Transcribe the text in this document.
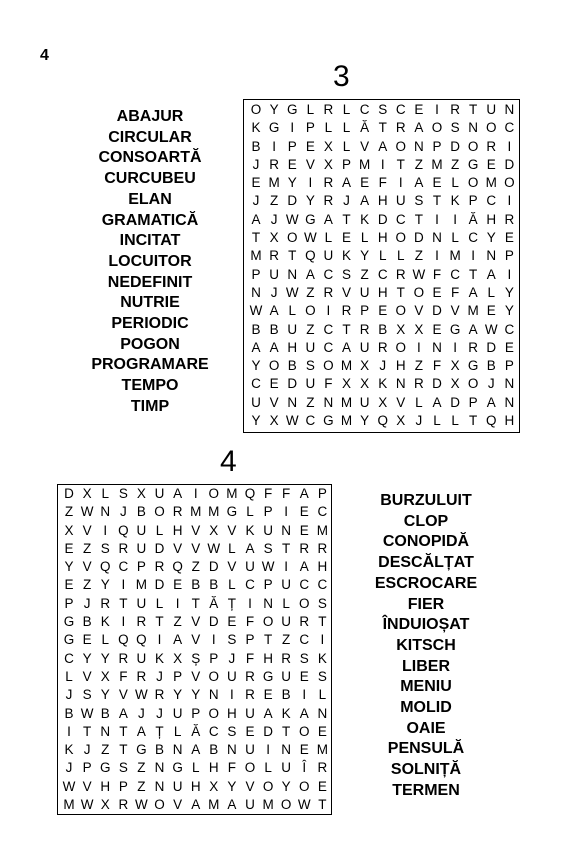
4
3
ABAJUR
CIRCULAR
CONSOARTĂ
CURCUBEU
ELAN
GRAMATICĂ
INCITAT
LOCUITOR
NEDEFINIT
NUTRIE
PERIODIC
POGON
PROGRAMARE
TEMPO
TIMP
O Y G L R L C S C E I R T U N
K G I P L L Ă T R A O S N O C
B I P E X L V A O N P D O R I
J R E V X P M I T Z M Z G E D
E M Y I R A E F I A E L O M O
J Z D Y R J A H U S T K P C I
A J W G A T K D C T I	I Ă H R
T X O W L E L H O D N L C Y E
M R T Q U K Y L L Z I M I N P
P U N A C S Z C R W F C T A I
N J W Z R V U H T O E F A L Y
W A L O I R P E O V D V M E Y
B B U Z C T R B X X E G A W C
A A H U C A U R O I N I R D E
Y O B S O M X J H Z F X G B P
C E D U F X X K N R D X O J N
U V N Z N M U X V L A D P A N
Y X W C G M Y Q X J L L T Q H
4
D X L S X U A I O M Q F F A P
Z W N J B O R M M G L P I E C
X V I Q U L H V X V K U N E M
E Z S R U D V V W L A S T R R
Y V Q C P R Q Z D V U W I A H
E Z Y I M D E B B L C P U C C
P J R T U L I T Ă Ț I N L O S
G B K I R T Z V D E F O U R T
G E L Q Q I A V I S P T Z C I
C Y Y R U K X Ș P J F H R S K
L V X F R J P V O U R G U E S
J S Y V W R Y Y N I R E B I L
B W B A J J U P O H U A K A N
I T N T A Ț L Ă C S E D T O E
K J Z T G B N A B N U I N E M
J P G S Z N G L H F O L U Î R
W V H P Z N U H X Y V O Y O E
M W X R W O V A M A U M O W T
BURZULUIT
CLOP
CONOPIDĂ
DESCĂLȚAT
ESCROCARE
FIER
ÎNDUIOȘAT
KITSCH
LIBER
MENIU
MOLID
OAIE
PENSULĂ
SOLNIȚĂ
TERMEN
